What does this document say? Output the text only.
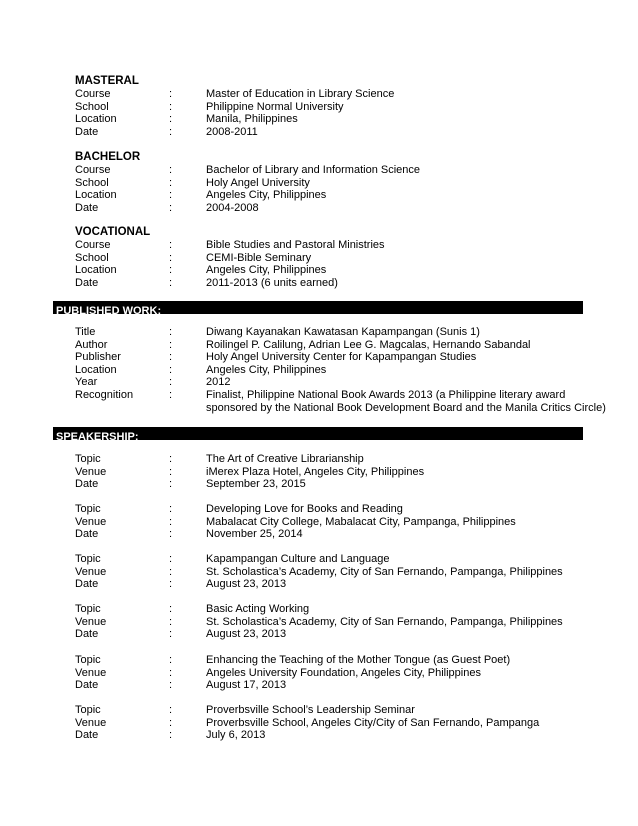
MASTERAL
Course	:	Master of Education in Library Science
School	:	Philippine Normal University
Location	:	Manila, Philippines
Date	:	2008-2011
BACHELOR
Course	:	Bachelor of Library and Information Science
School	:	Holy Angel University
Location	:	Angeles City, Philippines
Date	:	2004-2008
VOCATIONAL
Course	:	Bible Studies and Pastoral Ministries
School	:	CEMI-Bible Seminary
Location	:	Angeles City, Philippines
Date	:	2011-2013 (6 units earned)
PUBLISHED WORK:
Title	:	Diwang Kayanakan Kawatasan Kapampangan (Sunis 1)
Author	:	Roilingel P. Calilung, Adrian Lee G. Magcalas, Hernando Sabandal
Publisher	:	Holy Angel University Center for Kapampangan Studies
Location	:	Angeles City, Philippines
Year	:	2012
Recognition	:	Finalist, Philippine National Book Awards 2013 (a Philippine literary award
sponsored by the National Book Development Board and the Manila Critics Circle)
SPEAKERSHIP:
Topic	:	The Art of Creative Librarianship
Venue	:	iMerex Plaza Hotel, Angeles City, Philippines
Date	:	September 23, 2015
Topic	:	Developing Love for Books and Reading
Venue	:	Mabalacat City College, Mabalacat City, Pampanga, Philippines
Date	:	November 25, 2014
Topic	:	Kapampangan Culture and Language
Venue	:	St. Scholastica’s Academy, City of San Fernando, Pampanga, Philippines
Date	:	August 23, 2013
Topic	:	Basic Acting Working
Venue	:	St. Scholastica’s Academy, City of San Fernando, Pampanga, Philippines
Date	:	August 23, 2013
Topic	:	Enhancing the Teaching of the Mother Tongue (as Guest Poet)
Venue	:	Angeles University Foundation, Angeles City, Philippines
Date	:	August 17, 2013
Topic	:	Proverbsville School’s Leadership Seminar
Venue	:	Proverbsville School, Angeles City/City of San Fernando, Pampanga
Date	:	July 6, 2013
